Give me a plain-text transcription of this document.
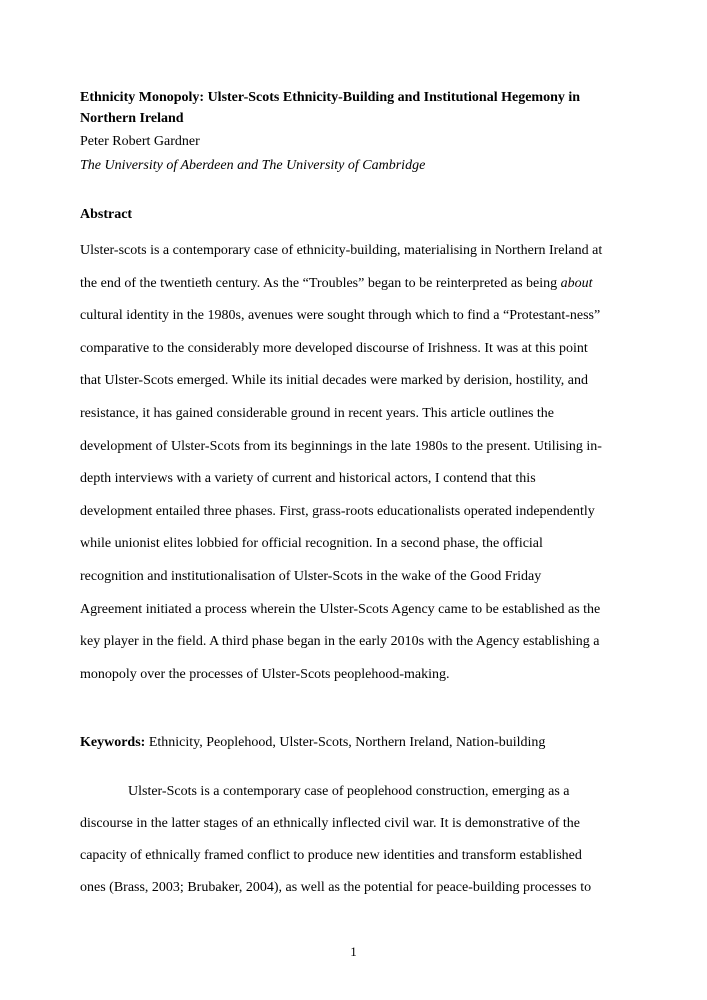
Ethnicity Monopoly: Ulster-Scots Ethnicity-Building and Institutional Hegemony in
Northern Ireland
Peter Robert Gardner
The University of Aberdeen and The University of Cambridge
Abstract
Ulster-scots is a contemporary case of ethnicity-building, materialising in Northern Ireland at
the end of the twentieth century. As the “Troubles” began to be reinterpreted as being about
cultural identity in the 1980s, avenues were sought through which to find a “Protestant-ness”
comparative to the considerably more developed discourse of Irishness. It was at this point
that Ulster-Scots emerged. While its initial decades were marked by derision, hostility, and
resistance, it has gained considerable ground in recent years. This article outlines the
development of Ulster-Scots from its beginnings in the late 1980s to the present. Utilising in-
depth interviews with a variety of current and historical actors, I contend that this
development entailed three phases. First, grass-roots educationalists operated independently
while unionist elites lobbied for official recognition. In a second phase, the official
recognition and institutionalisation of Ulster-Scots in the wake of the Good Friday
Agreement initiated a process wherein the Ulster-Scots Agency came to be established as the
key player in the field. A third phase began in the early 2010s with the Agency establishing a
monopoly over the processes of Ulster-Scots peoplehood-making.
Keywords: Ethnicity, Peoplehood, Ulster-Scots, Northern Ireland, Nation-building
Ulster-Scots is a contemporary case of peoplehood construction, emerging as a
discourse in the latter stages of an ethnically inflected civil war. It is demonstrative of the
capacity of ethnically framed conflict to produce new identities and transform established
ones (Brass, 2003; Brubaker, 2004), as well as the potential for peace-building processes to
1
